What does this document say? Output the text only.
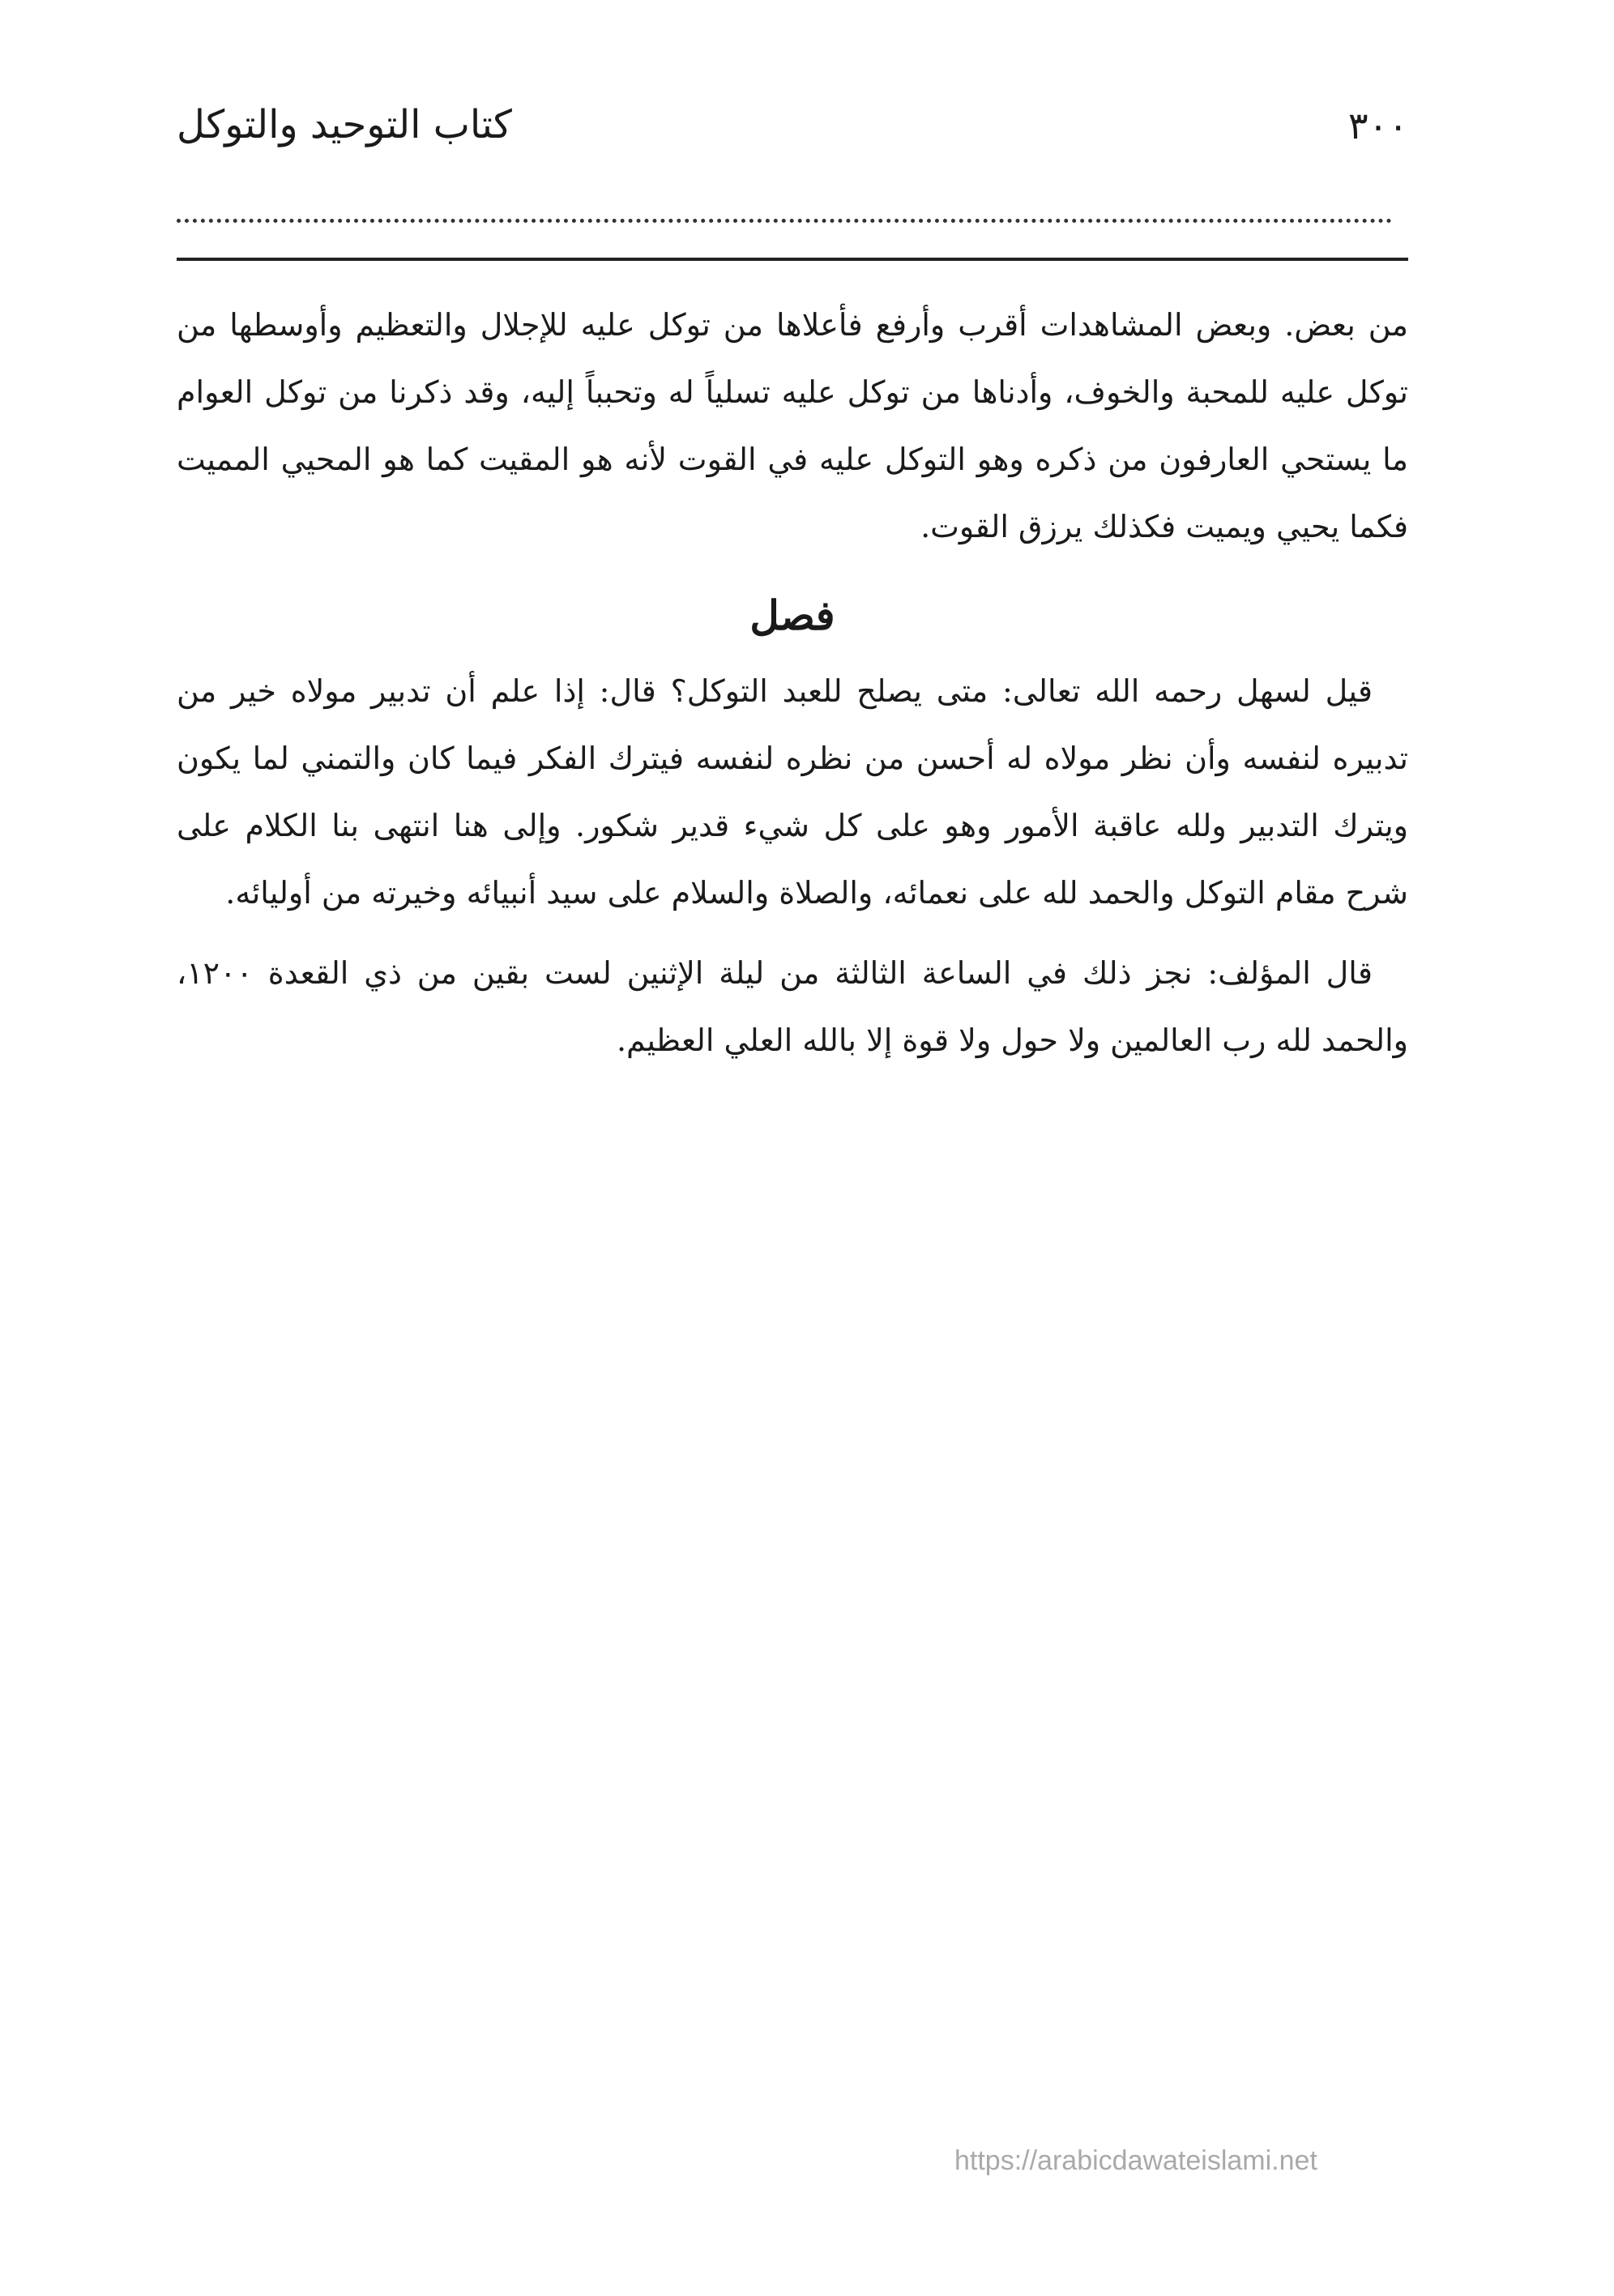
كتاب التوحيد والتوكل	٣٠٠

من بعض. وبعض المشاهدات أقرب وأرفع فأعلاها من توكل عليه للإجلال والتعظيم وأوسطها من توكل عليه للمحبة والخوف، وأدناها من توكل عليه تسلياً له وتحبباً إليه، وقد ذكرنا من توكل العوام ما يستحي العارفون من ذكره وهو التوكل عليه في القوت لأنه هو المقيت كما هو المحيي المميت فكما يحيي ويميت فكذلك يرزق القوت.

فصل

قيل لسهل رحمه الله تعالى: متى يصلح للعبد التوكل؟ قال: إذا علم أن تدبير مولاه خير من تدبيره لنفسه وأن نظر مولاه له أحسن من نظره لنفسه فيترك الفكر فيما كان والتمني لما يكون ويترك التدبير ولله عاقبة الأمور وهو على كل شيء قدير شكور. وإلى هنا انتهى بنا الكلام على شرح مقام التوكل والحمد لله على نعمائه، والصلاة والسلام على سيد أنبيائه وخيرته من أوليائه.

قال المؤلف: نجز ذلك في الساعة الثالثة من ليلة الإثنين لست بقين من ذي القعدة ١٢٠٠، والحمد لله رب العالمين ولا حول ولا قوة إلا بالله العلي العظيم.

https://arabicdawateislami.net
